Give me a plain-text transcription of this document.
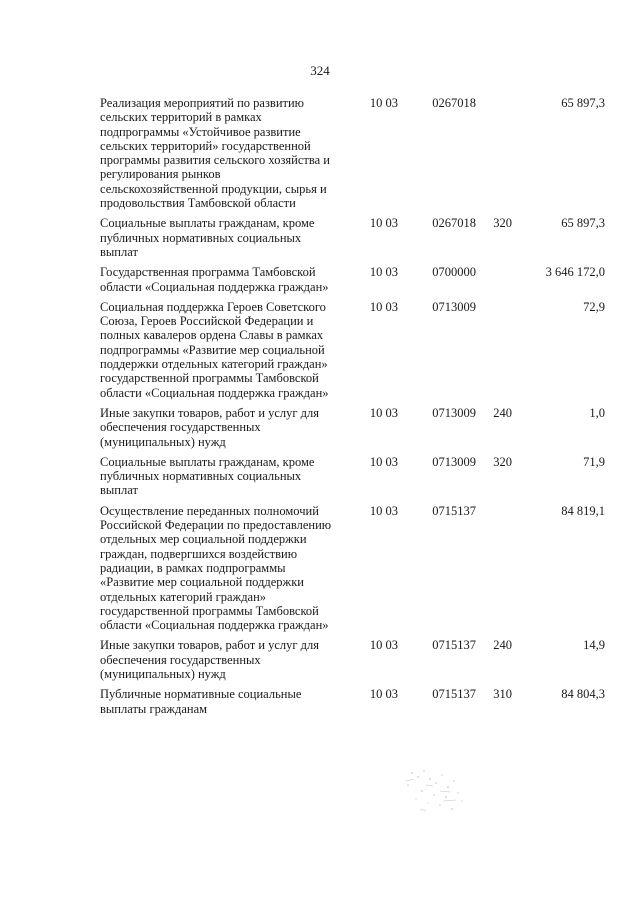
324
Реализация мероприятий по развитию сельских территорий в рамках подпрограммы «Устойчивое развитие сельских территорий» государственной программы развития сельского хозяйства и регулирования рынков сельскохозяйственной продукции, сырья и продовольствия Тамбовской области	10 03	0267018		65 897,3
Социальные выплаты гражданам, кроме публичных нормативных социальных выплат	10 03	0267018	320	65 897,3
Государственная программа Тамбовской области «Социальная поддержка граждан»	10 03	0700000		3 646 172,0
Социальная поддержка Героев Советского Союза, Героев Российской Федерации и полных кавалеров ордена Славы в рамках подпрограммы «Развитие мер социальной поддержки отдельных категорий граждан» государственной программы Тамбовской области «Социальная поддержка граждан»	10 03	0713009		72,9
Иные закупки товаров, работ и услуг для обеспечения государственных (муниципальных) нужд	10 03	0713009	240	1,0
Социальные выплаты гражданам, кроме публичных нормативных социальных выплат	10 03	0713009	320	71,9
Осуществление переданных полномочий Российской Федерации по предоставлению отдельных мер социальной поддержки граждан, подвергшихся воздействию радиации, в рамках подпрограммы «Развитие мер социальной поддержки отдельных категорий граждан» государственной программы Тамбовской области «Социальная поддержка граждан»	10 03	0715137		84 819,1
Иные закупки товаров, работ и услуг для обеспечения государственных (муниципальных) нужд	10 03	0715137	240	14,9
Публичные нормативные социальные выплаты гражданам	10 03	0715137	310	84 804,3
